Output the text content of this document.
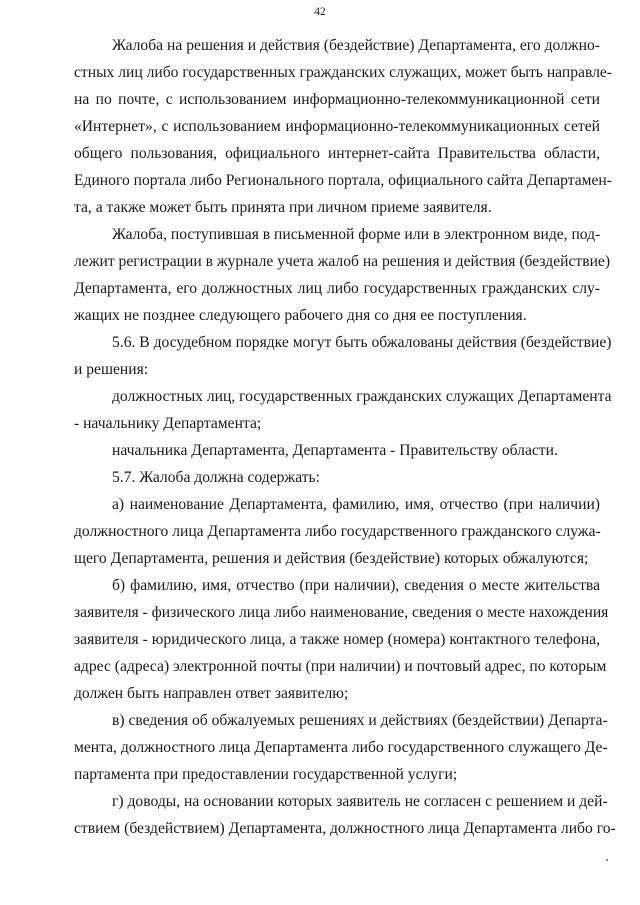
42
Жалоба на решения и действия (бездействие) Департамента, его должно-
стных лиц либо государственных гражданских служащих, может быть направле-
на по почте, с использованием информационно-телекоммуникационной сети
«Интернет», с использованием информационно-телекоммуникационных сетей
общего пользования, официального интернет-сайта Правительства области,
Единого портала либо Регионального портала, официального сайта Департамен-
та, а также может быть принята при личном приеме заявителя.
Жалоба, поступившая в письменной форме или в электронном виде, под-
лежит регистрации в журнале учета жалоб на решения и действия (бездействие)
Департамента, его должностных лиц либо государственных гражданских слу-
жащих не позднее следующего рабочего дня со дня ее поступления.
5.6. В досудебном порядке могут быть обжалованы действия (бездействие)
и решения:
должностных лиц, государственных гражданских служащих Департамента
- начальнику Департамента;
начальника Департамента, Департамента - Правительству области.
5.7. Жалоба должна содержать:
а) наименование Департамента, фамилию, имя, отчество (при наличии)
должностного лица Департамента либо государственного гражданского служа-
щего Департамента, решения и действия (бездействие) которых обжалуются;
б) фамилию, имя, отчество (при наличии), сведения о месте жительства
заявителя - физического лица либо наименование, сведения о месте нахождения
заявителя - юридического лица, а также номер (номера) контактного телефона,
адрес (адреса) электронной почты (при наличии) и почтовый адрес, по которым
должен быть направлен ответ заявителю;
в) сведения об обжалуемых решениях и действиях (бездействии) Департа-
мента, должностного лица Департамента либо государственного служащего Де-
партамента при предоставлении государственной услуги;
г) доводы, на основании которых заявитель не согласен с решением и дей-
ствием (бездействием) Департамента, должностного лица Департамента либо го-
